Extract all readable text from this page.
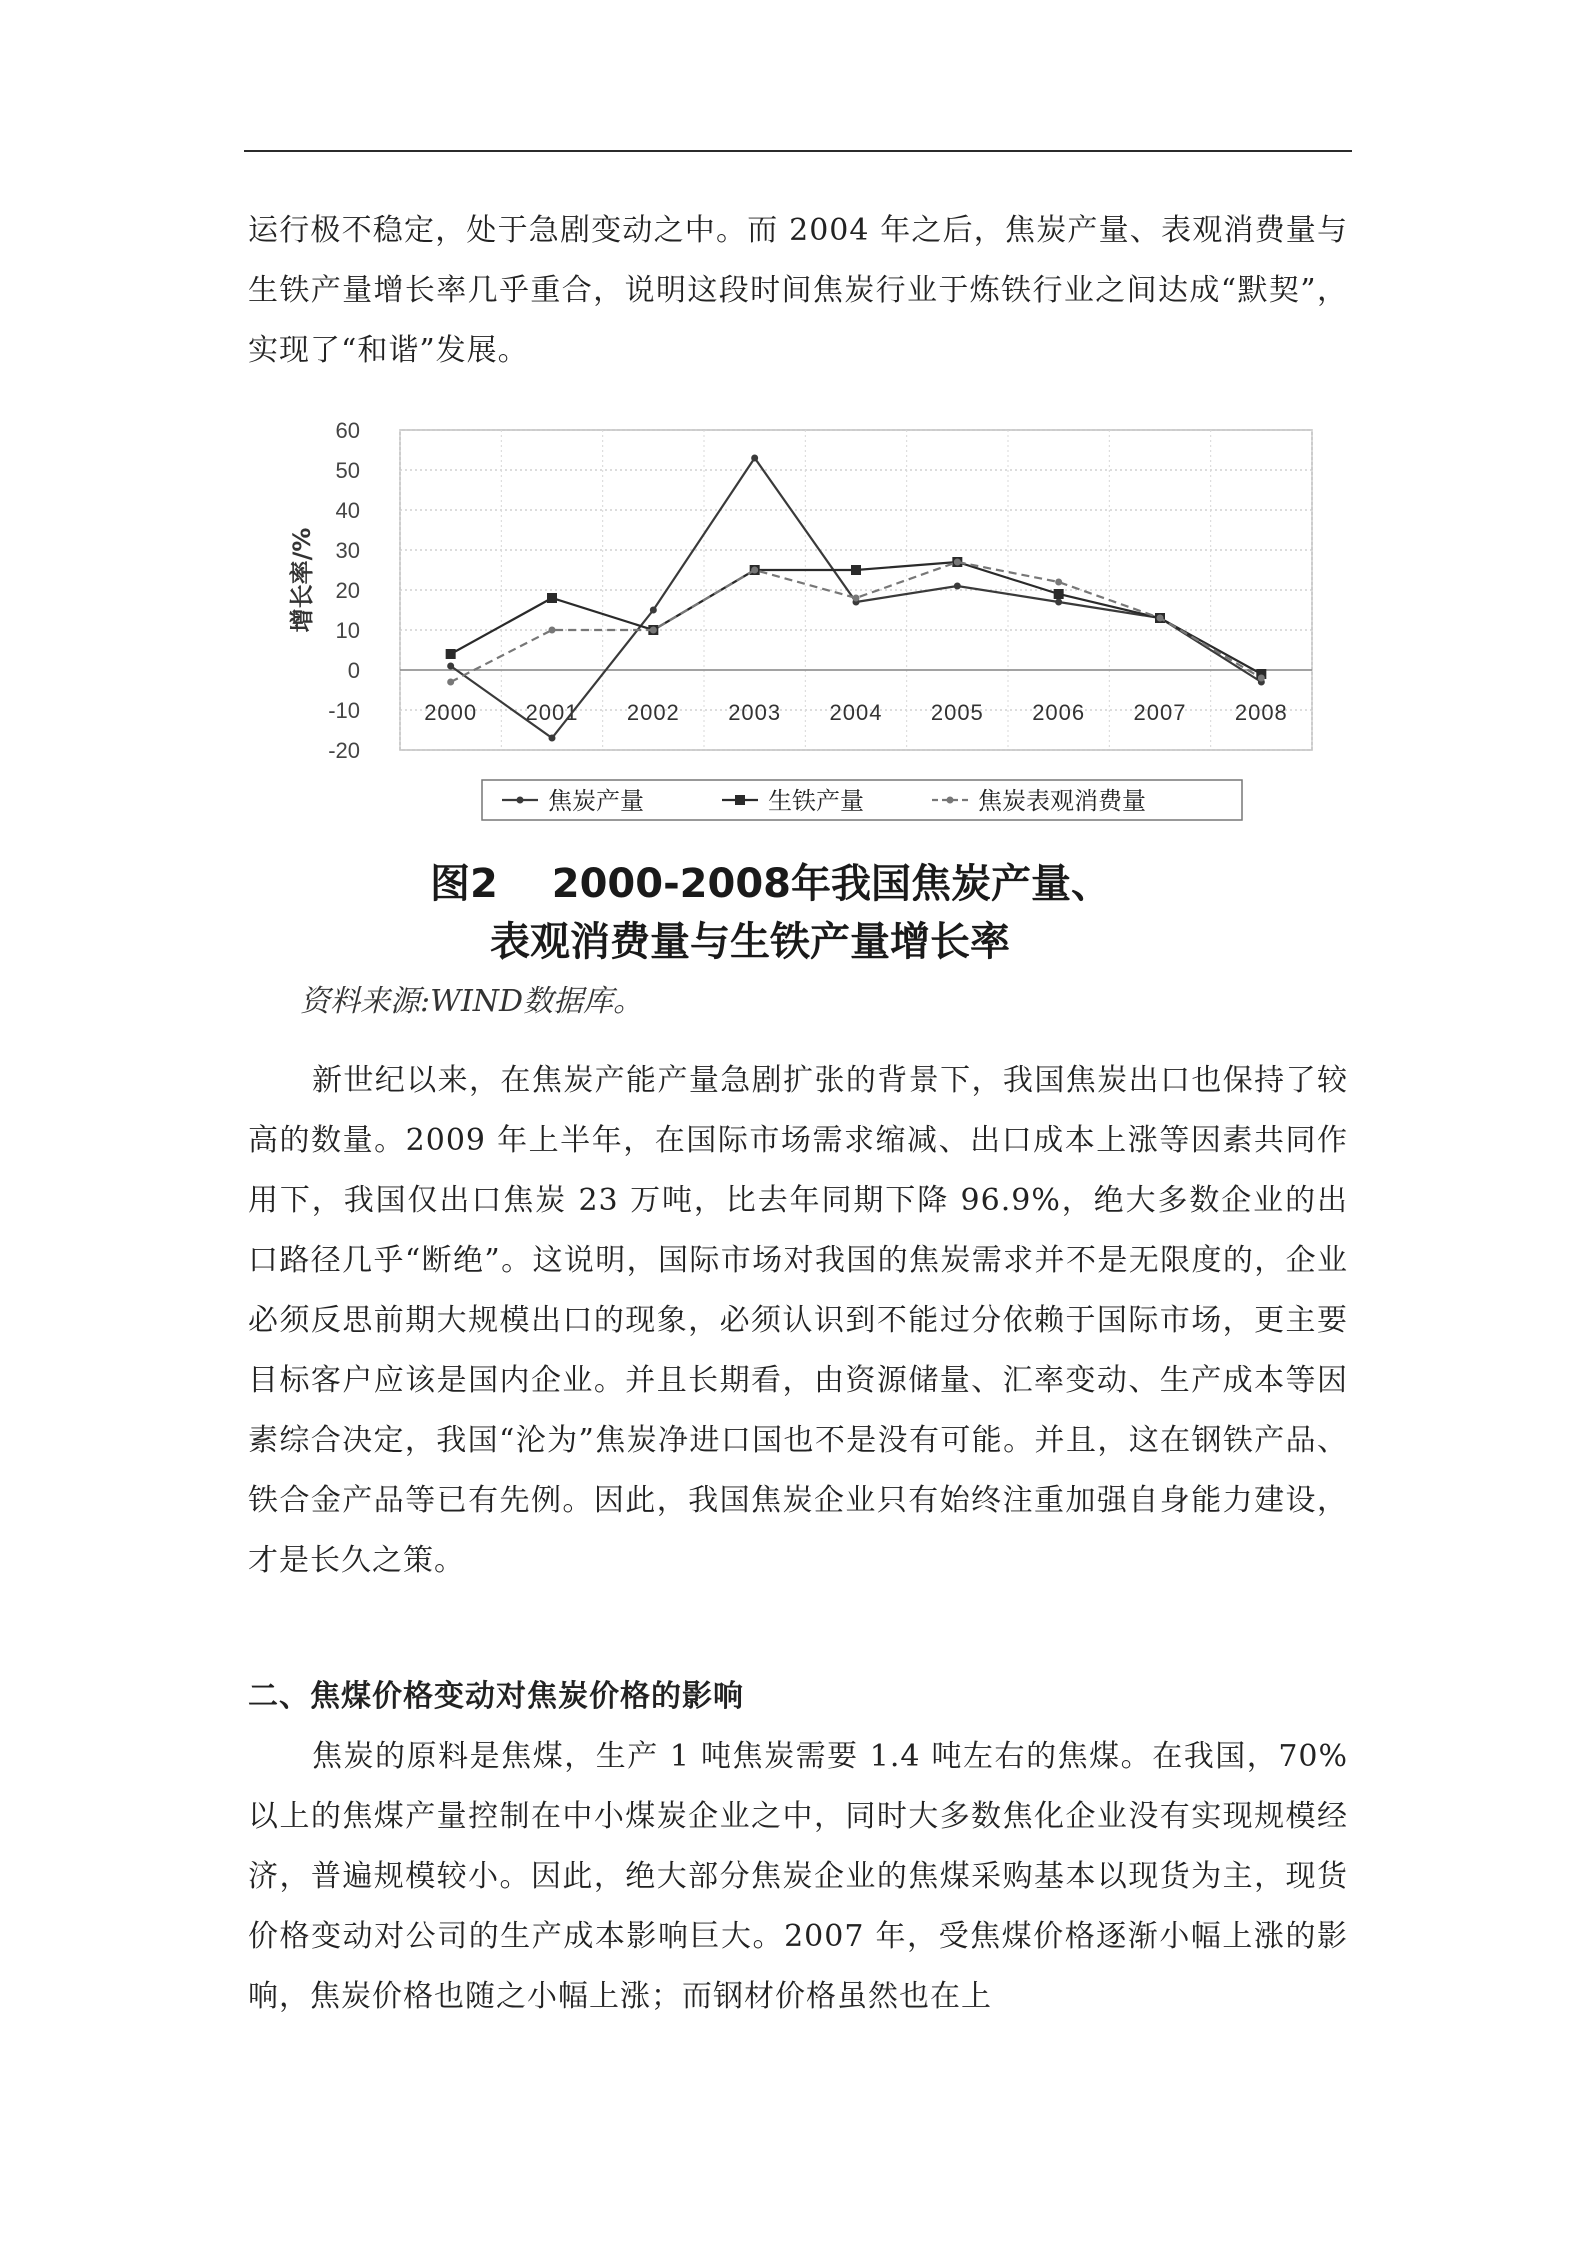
运行极不稳定，处于急剧变动之中。而 2004 年之后，焦炭产量、表观消费量与生铁产量增长率几乎重合，说明这段时间焦炭行业于炼铁行业之间达成“默契”，实现了“和谐”发展。

60
50
40
30
20
10
0
-10
-20
2000 2001 2002 2003 2004 2005 2006 2007 2008
增长率/%
焦炭产量	生铁产量	焦炭表观消费量

图2　 2000-2008年我国焦炭产量、

表观消费量与生铁产量增长率

资料来源:WIND数据库。

新世纪以来，在焦炭产能产量急剧扩张的背景下，我国焦炭出口也保持了较高的数量。2009 年上半年，在国际市场需求缩减、出口成本上涨等因素共同作用下，我国仅出口焦炭 23 万吨，比去年同期下降 96.9%，绝大多数企业的出口路径几乎“断绝”。这说明，国际市场对我国的焦炭需求并不是无限度的，企业必须反思前期大规模出口的现象，必须认识到不能过分依赖于国际市场，更主要目标客户应该是国内企业。并且长期看，由资源储量、汇率变动、生产成本等因素综合决定，我国“沦为”焦炭净进口国也不是没有可能。并且，这在钢铁产品、铁合金产品等已有先例。因此，我国焦炭企业只有始终注重加强自身能力建设，才是长久之策。

二、焦煤价格变动对焦炭价格的影响

焦炭的原料是焦煤，生产 1 吨焦炭需要 1.4 吨左右的焦煤。在我国，70% 以上的焦煤产量控制在中小煤炭企业之中，同时大多数焦化企业没有实现规模经济，普遍规模较小。因此，绝大部分焦炭企业的焦煤采购基本以现货为主，现货价格变动对公司的生产成本影响巨大。2007 年，受焦煤价格逐渐小幅上涨的影响，焦炭价格也随之小幅上涨；而钢材价格虽然也在上
